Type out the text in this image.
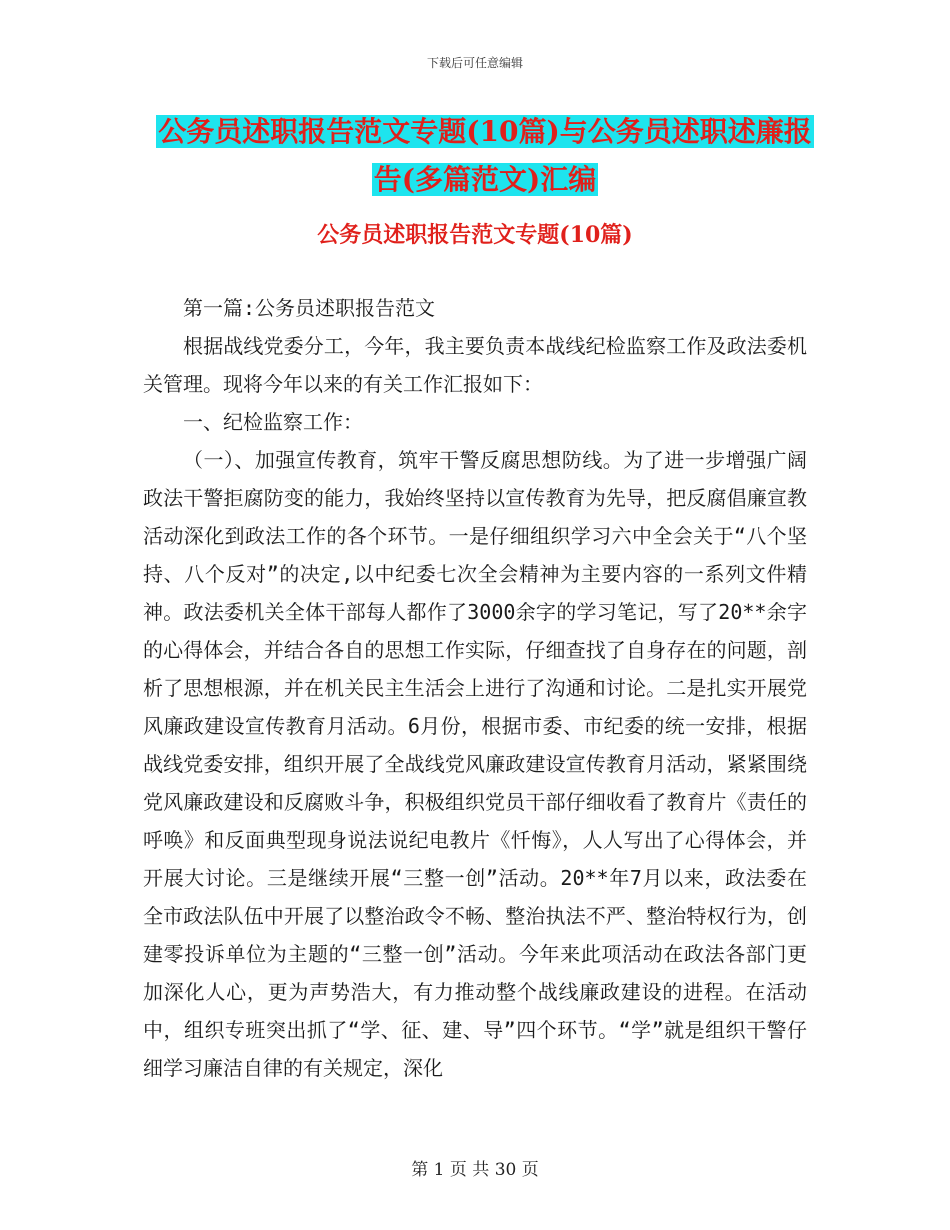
下载后可任意编辑
公务员述职报告范文专题(10篇)与公务员述职述廉报
告(多篇范文)汇编
公务员述职报告范文专题(10篇)

第一篇:公务员述职报告范文

根据战线党委分工，今年，我主要负责本战线纪检监察工作及政法委机关管理。现将今年以来的有关工作汇报如下：

一、纪检监察工作：

（一）、加强宣传教育，筑牢干警反腐思想防线。为了进一步增强广阔政法干警拒腐防变的能力，我始终坚持以宣传教育为先导，把反腐倡廉宣教活动深化到政法工作的各个环节。一是仔细组织学习六中全会关于“八个坚持、八个反对”的决定,以中纪委七次全会精神为主要内容的一系列文件精神。政法委机关全体干部每人都作了3000余字的学习笔记，写了20**余字的心得体会，并结合各自的思想工作实际，仔细查找了自身存在的问题，剖析了思想根源，并在机关民主生活会上进行了沟通和讨论。二是扎实开展党风廉政建设宣传教育月活动。6月份，根据市委、市纪委的统一安排，根据战线党委安排，组织开展了全战线党风廉政建设宣传教育月活动，紧紧围绕党风廉政建设和反腐败斗争，积极组织党员干部仔细收看了教育片《责任的呼唤》和反面典型现身说法说纪电教片《忏悔》，人人写出了心得体会，并开展大讨论。三是继续开展“三整一创”活动。20**年7月以来，政法委在全市政法队伍中开展了以整治政令不畅、整治执法不严、整治特权行为，创建零投诉单位为主题的“三整一创”活动。今年来此项活动在政法各部门更加深化人心，更为声势浩大，有力推动整个战线廉政建设的进程。在活动中，组织专班突出抓了“学、征、建、导”四个环节。“学”就是组织干警仔细学习廉洁自律的有关规定，深化

第 1 页 共 30 页
